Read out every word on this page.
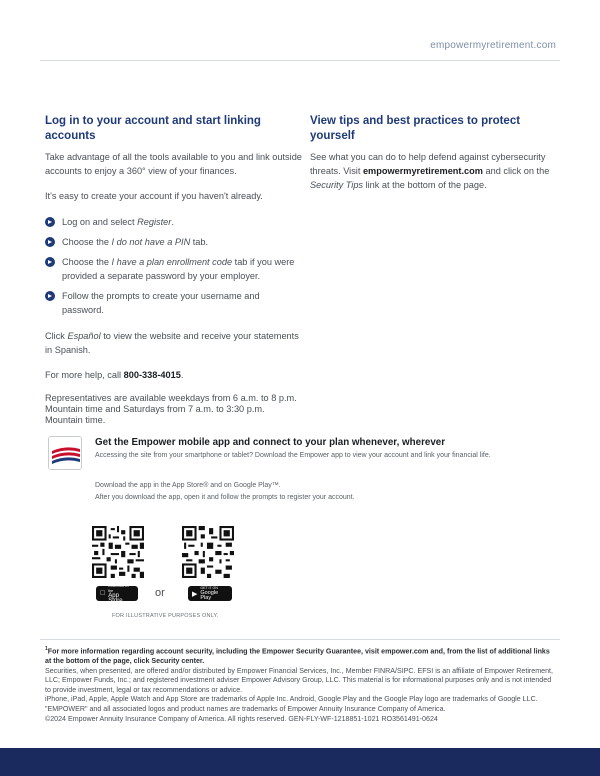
empowermyretirement.com
Log in to your account and start linking accounts

Take advantage of all the tools available to you and link outside accounts to enjoy a 360° view of your finances.

It's easy to create your account if you haven't already.

Log on and select Register.
Choose the I do not have a PIN tab.
Choose the I have a plan enrollment code tab if you were provided a separate password by your employer.
Follow the prompts to create your username and password.

Click Español to view the website and receive your statements in Spanish.

For more help, call 800-338-4015.

Representatives are available weekdays from 6 a.m. to 8 p.m. Mountain time and Saturdays from 7 a.m. to 3:30 p.m. Mountain time.

View tips and best practices to protect yourself

See what you can do to help defend against cybersecurity threats. Visit empowermyretirement.com and click on the Security Tips link at the bottom of the page.

Get the Empower mobile app and connect to your plan whenever, wherever
Accessing the site from your smartphone or tablet? Download the Empower app to view your account and link your financial life.
Download the app in the App Store® and on Google Play™.
After you download the app, open it and follow the prompts to register your account.
Download on the
App Store or	▶
GET IT ON
Google Play
FOR ILLUSTRATIVE PURPOSES ONLY.

$^1$For more information regarding account security, including the Empower Security Guarantee, visit empower.com and, from the list of additional links at the bottom of the page, click Security center.

Securities, when presented, are offered and/or distributed by Empower Financial Services, Inc., Member FINRA/SIPC. EFSI is an affiliate of Empower Retirement, LLC; Empower Funds, Inc.; and registered investment adviser Empower Advisory Group, LLC. This material is for informational purposes only and is not intended to provide investment, legal or tax recommendations or advice.

iPhone, iPad, Apple, Apple Watch and App Store are trademarks of Apple Inc. Android, Google Play and the Google Play logo are trademarks of Google LLC.

"EMPOWER" and all associated logos and product names are trademarks of Empower Annuity Insurance Company of America.

©2024 Empower Annuity Insurance Company of America. All rights reserved. GEN-FLY-WF-1218851-1021 RO3561491-0624
